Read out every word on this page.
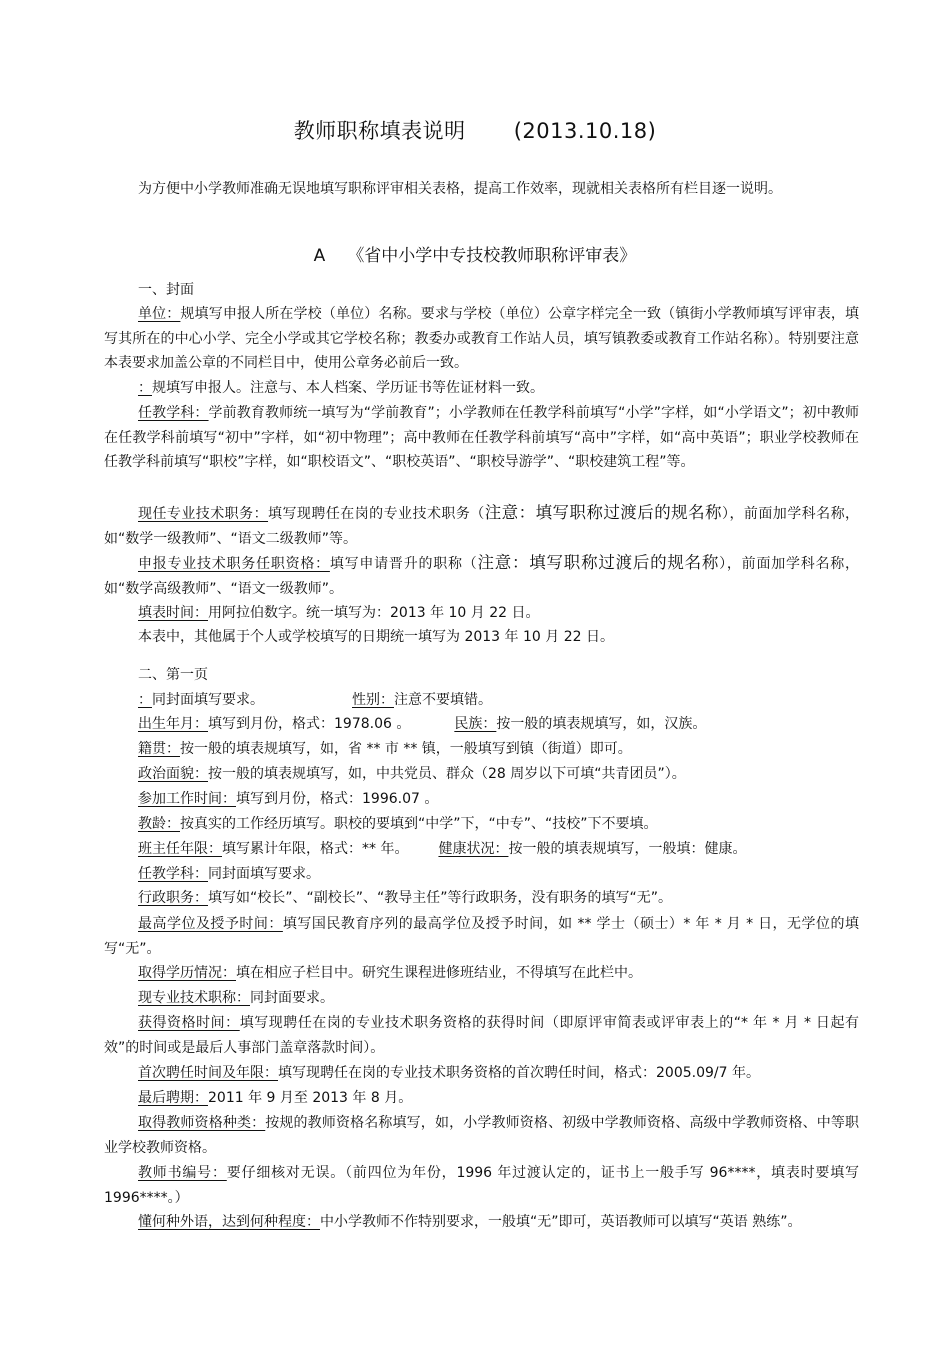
教师职称填表说明 (2013.10.18)
为方便中小学教师准确无误地填写职称评审相关表格，提高工作效率，现就相关表格所有栏目逐一说明。
A 《省中小学中专技校教师职称评审表》
一、封面
单位：规填写申报人所在学校（单位）名称。要求与学校（单位）公章字样完全一致（镇街小学教师填写评审表，填写其所在的中心小学、完全小学或其它学校名称；教委办或教育工作站人员，填写镇教委或教育工作站名称）。特别要注意本表要求加盖公章的不同栏目中，使用公章务必前后一致。
：规填写申报人。注意与、本人档案、学历证书等佐证材料一致。
任教学科：学前教育教师统一填写为“学前教育”；小学教师在任教学科前填写“小学”字样，如“小学语文”；初中教师在任教学科前填写“初中”字样，如“初中物理”；高中教师在任教学科前填写“高中”字样，如“高中英语”；职业学校教师在任教学科前填写“职校”字样，如“职校语文”、“职校英语”、“职校导游学”、“职校建筑工程”等。
现任专业技术职务：填写现聘任在岗的专业技术职务（注意：填写职称过渡后的规名称），前面加学科名称，如“数学一级教师”、“语文二级教师”等。
申报专业技术职务任职资格：填写申请晋升的职称（注意：填写职称过渡后的规名称），前面加学科名称，如“数学高级教师”、“语文一级教师”。
填表时间：用阿拉伯数字。统一填写为：2013 年 10 月 22 日。
本表中，其他属于个人或学校填写的日期统一填写为 2013 年 10 月 22 日。
二、第一页
：同封面填写要求。	性别：注意不要填错。
出生年月：填写到月份，格式：1978.06 。	民族：按一般的填表规填写，如，汉族。
籍贯：按一般的填表规填写，如，省 ** 市 ** 镇，一般填写到镇（街道）即可。
政治面貌：按一般的填表规填写，如，中共党员、群众（28 周岁以下可填“共青团员”）。
参加工作时间：填写到月份，格式：1996.07 。
教龄：按真实的工作经历填写。职校的要填到“中学”下，“中专”、“技校”下不要填。
班主任年限：填写累计年限，格式：** 年。 健康状况：按一般的填表规填写，一般填：健康。
任教学科：同封面填写要求。
行政职务：填写如“校长”、“副校长”、“教导主任”等行政职务，没有职务的填写“无”。
最高学位及授予时间：填写国民教育序列的最高学位及授予时间，如 ** 学士（硕士）* 年 * 月 * 日，无学位的填写“无”。
取得学历情况：填在相应子栏目中。研究生课程进修班结业，不得填写在此栏中。
现专业技术职称：同封面要求。
获得资格时间：填写现聘任在岗的专业技术职务资格的获得时间（即原评审简表或评审表上的“* 年 * 月 * 日起有效”的时间或是最后人事部门盖章落款时间）。
首次聘任时间及年限：填写现聘任在岗的专业技术职务资格的首次聘任时间，格式：2005.09/7 年。
最后聘期：2011 年 9 月至 2013 年 8 月。
取得教师资格种类：按规的教师资格名称填写，如，小学教师资格、初级中学教师资格、高级中学教师资格、中等职业学校教师资格。
教师书编号：要仔细核对无误。（前四位为年份，1996 年过渡认定的，证书上一般手写 96****，填表时要填写 1996****。）
懂何种外语，达到何种程度：中小学教师不作特别要求，一般填“无”即可，英语教师可以填写“英语 熟练”。
